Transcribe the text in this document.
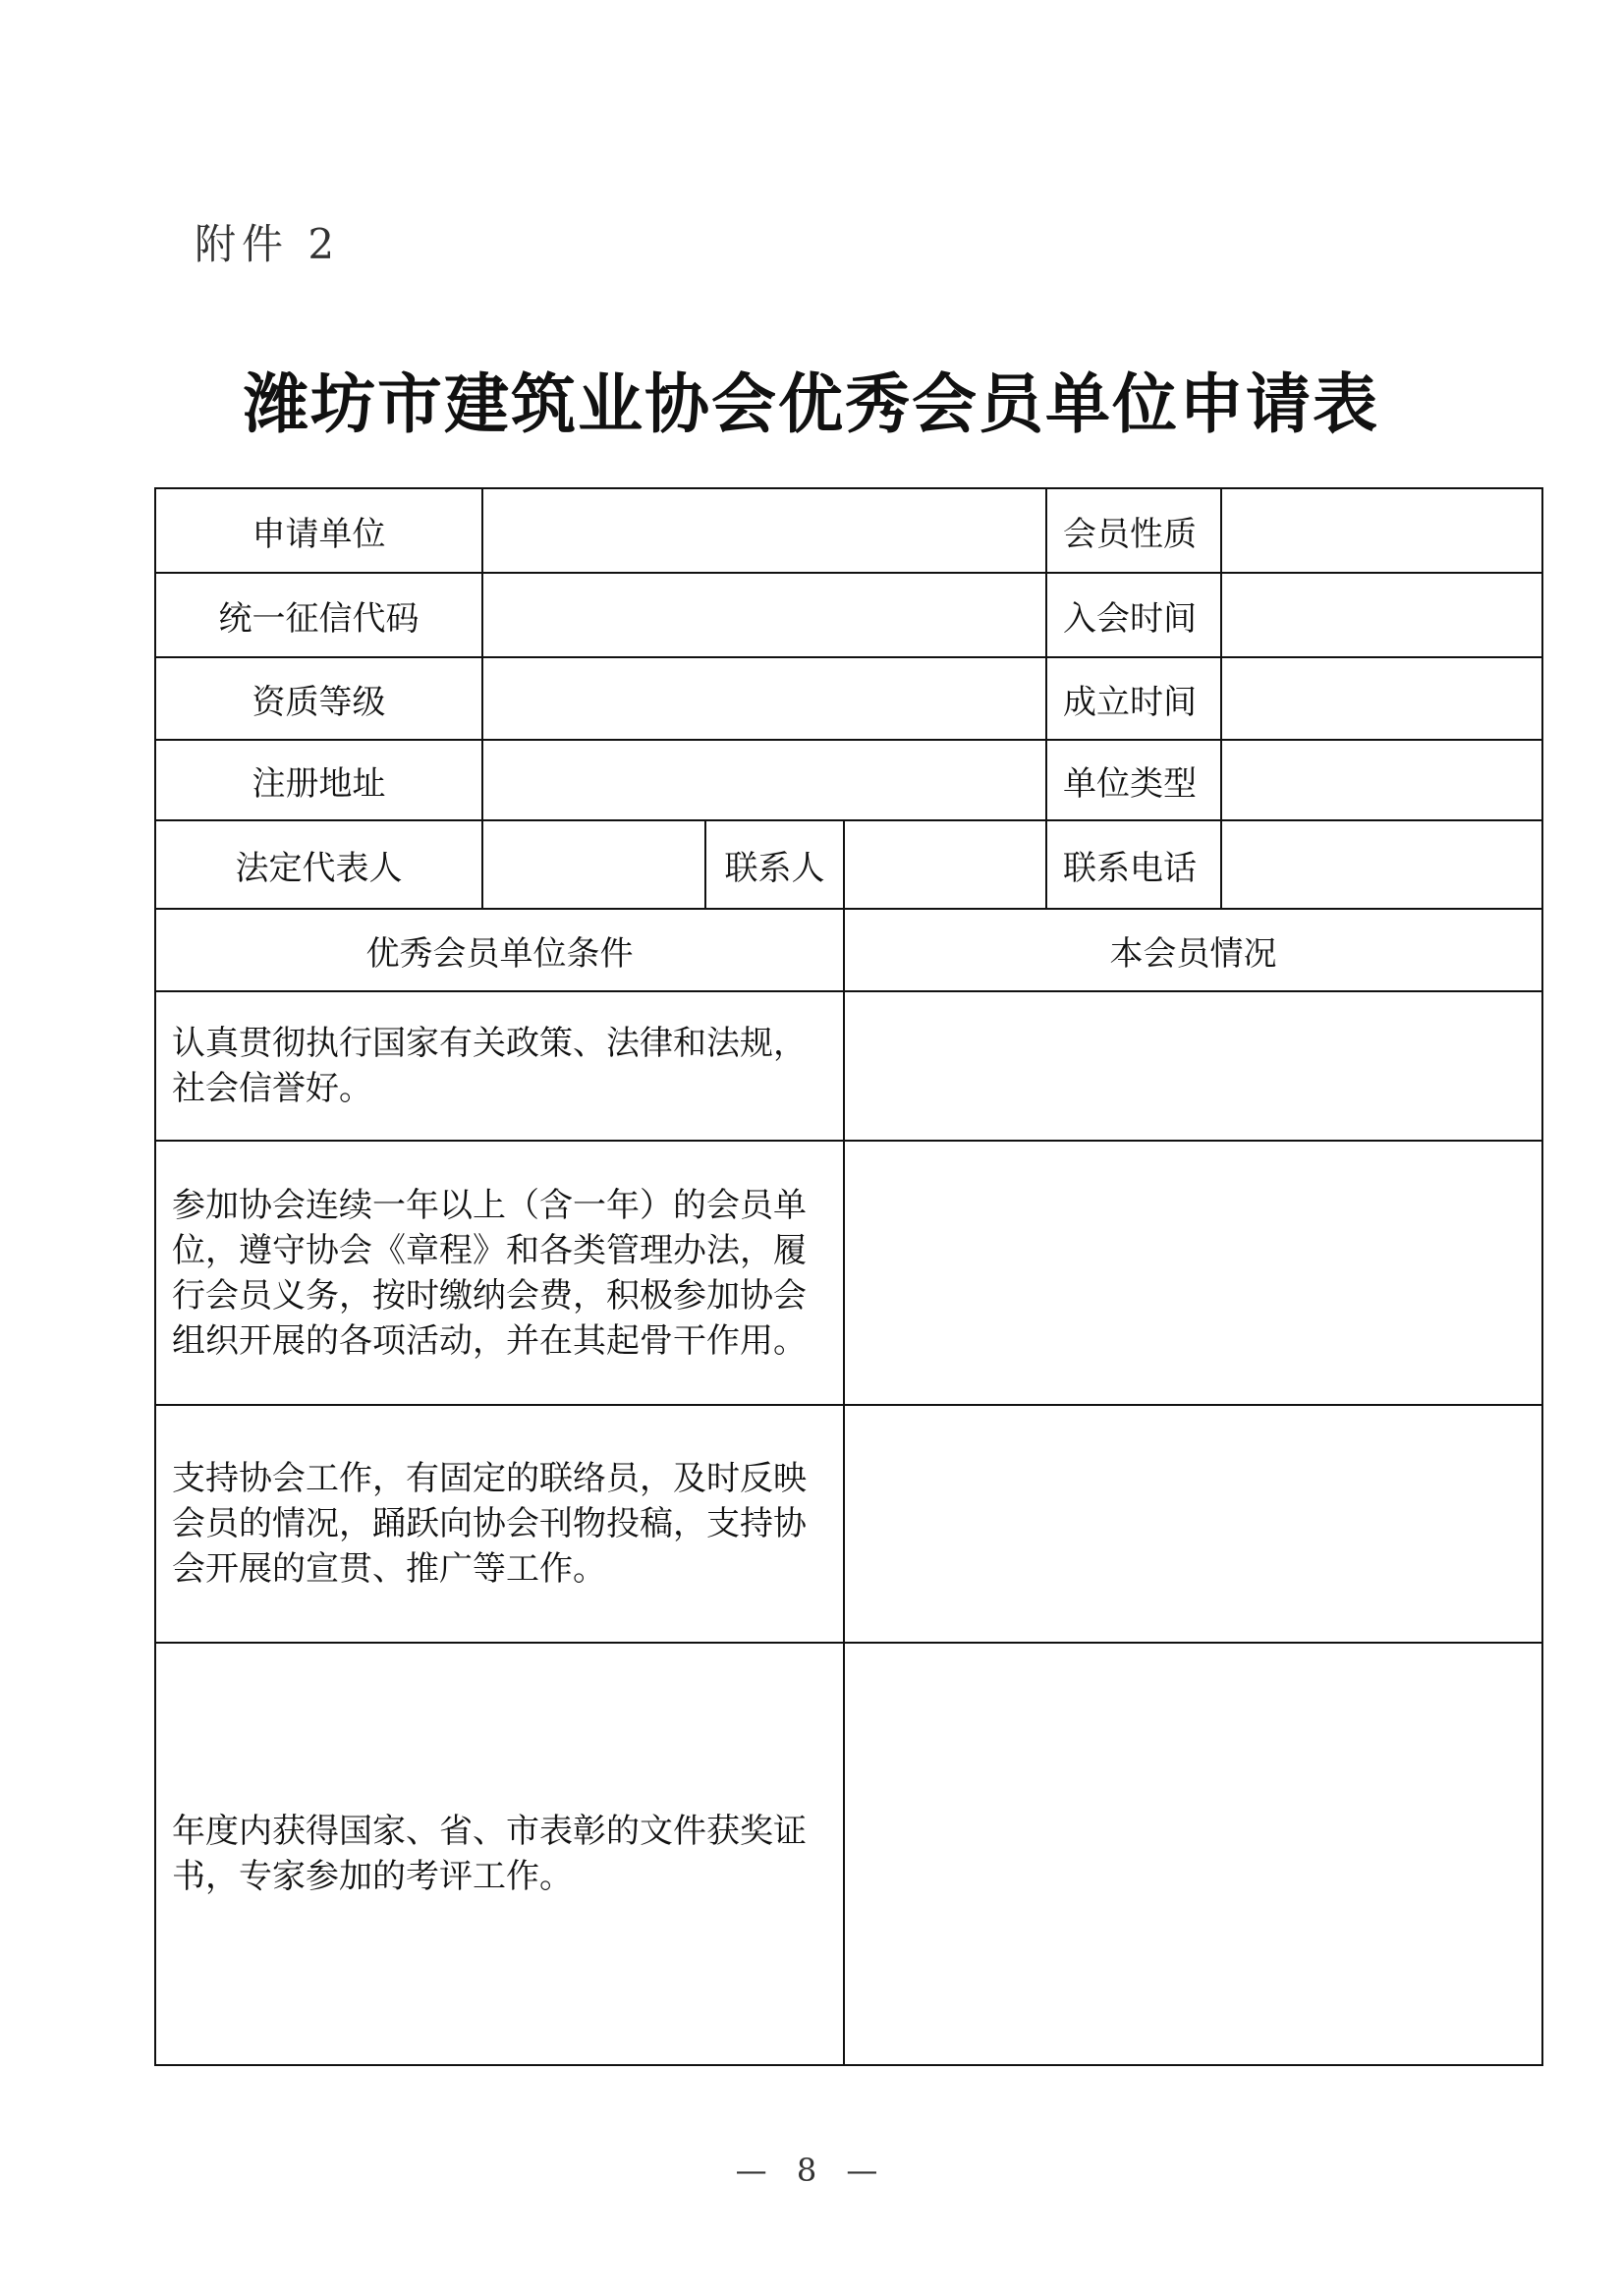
附件 2
潍坊市建筑业协会优秀会员单位申请表
申请单位				会员性质	
统一征信代码				入会时间	
资质等级				成立时间	
注册地址				单位类型	
法定代表人		联系人		联系电话	
优秀会员单位条件			本会员情况		
认真贯彻执行国家有关政策、法律和法规，社会信誉好。					
参加协会连续一年以上（含一年）的会员单位，遵守协会《章程》和各类管理办法，履行会员义务，按时缴纳会费，积极参加协会组织开展的各项活动，并在其起骨干作用。					
支持协会工作，有固定的联络员，及时反映会员的情况，踊跃向协会刊物投稿，支持协会开展的宣贯、推广等工作。					
年度内获得国家、省、市表彰的文件获奖证书，专家参加的考评工作。					
— 8 —
